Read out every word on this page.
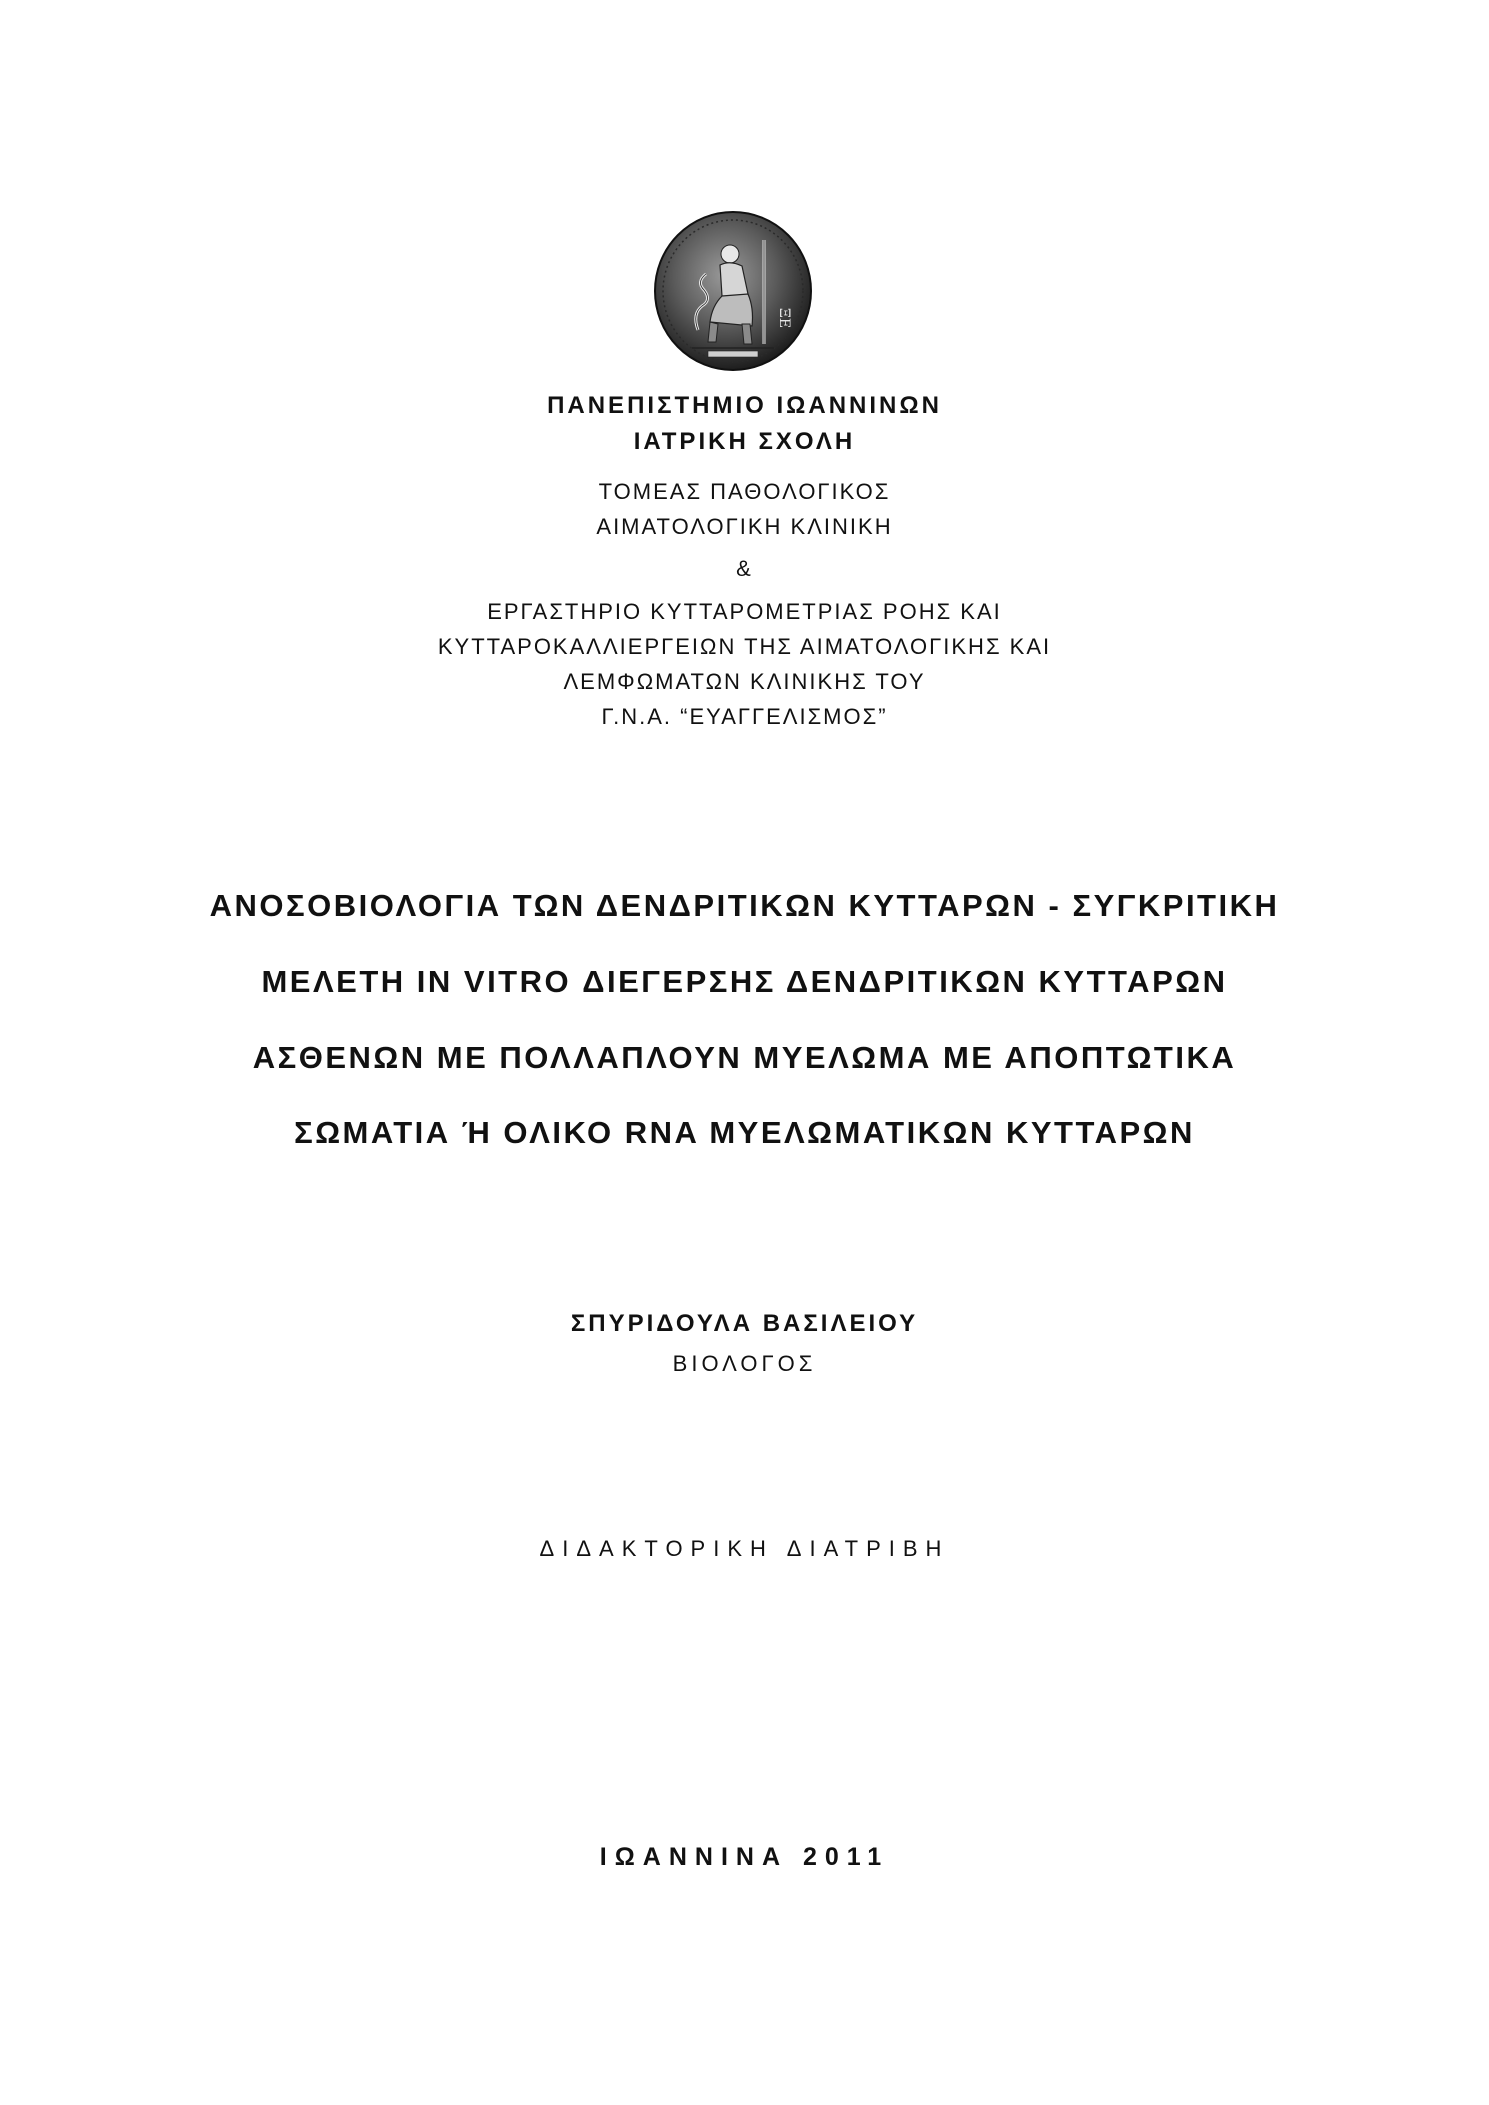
ΞΕ
ΠΑΝΕΠΙΣΤΗΜΙΟ ΙΩΑΝΝΙΝΩΝ
ΙΑΤΡΙΚΗ ΣΧΟΛΗ
ΤΟΜΕΑΣ ΠΑΘΟΛΟΓΙΚΟΣ
ΑΙΜΑΤΟΛΟΓΙΚΗ ΚΛΙΝΙΚΗ
&
ΕΡΓΑΣΤΗΡΙΟ ΚΥΤΤΑΡΟΜΕΤΡΙΑΣ ΡΟΗΣ ΚΑΙ
ΚΥΤΤΑΡΟΚΑΛΛΙΕΡΓΕΙΩΝ ΤΗΣ ΑΙΜΑΤΟΛΟΓΙΚΗΣ ΚΑΙ
ΛΕΜΦΩΜΑΤΩΝ ΚΛΙΝΙΚΗΣ ΤΟΥ
Γ.Ν.Α. “ΕΥΑΓΓΕΛΙΣΜΟΣ”
ΑΝΟΣΟΒΙΟΛΟΓΙΑ ΤΩΝ ΔΕΝΔΡΙΤΙΚΩΝ ΚΥΤΤΑΡΩΝ - ΣΥΓΚΡΙΤΙΚΗ
ΜΕΛΕΤΗ IN VITRO ΔΙΕΓΕΡΣΗΣ ΔΕΝΔΡΙΤΙΚΩΝ ΚΥΤΤΑΡΩΝ
ΑΣΘΕΝΩΝ ΜΕ ΠΟΛΛΑΠΛΟΥΝ ΜΥΕΛΩΜΑ ΜΕ ΑΠΟΠΤΩΤΙΚΑ
ΣΩΜΑΤΙΑ Ή ΟΛΙΚΟ RNA ΜΥΕΛΩΜΑΤΙΚΩΝ ΚΥΤΤΑΡΩΝ
ΣΠΥΡΙΔΟΥΛΑ ΒΑΣΙΛΕΙΟΥ
ΒΙΟΛΟΓΟΣ
ΔΙΔΑΚΤΟΡΙΚΗ ΔΙΑΤΡΙΒΗ
ΙΩΑΝΝΙΝΑ 2011
